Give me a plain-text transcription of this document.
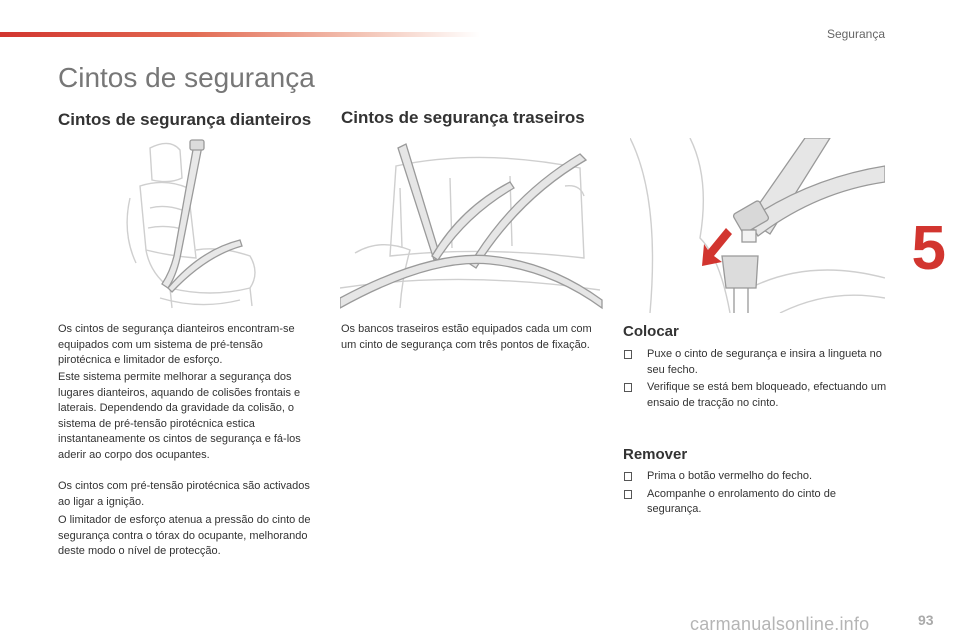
Segurança
5
Cintos de segurança
Cintos de segurança dianteiros

Os cintos de segurança dianteiros encontram-se equipados com um sistema de pré-tensão pirotécnica e limitador de esforço.

Este sistema permite melhorar a segurança dos lugares dianteiros, aquando de colisões frontais e laterais. Dependendo da gravidade da colisão, o sistema de pré-tensão pirotécnica estica instantaneamente os cintos de segurança e fá-los aderir ao corpo dos ocupantes.

Os cintos com pré-tensão pirotécnica são activados ao ligar a ignição.

O limitador de esforço atenua a pressão do cinto de segurança contra o tórax do ocupante, melhorando deste modo o nível de protecção.

Cintos de segurança traseiros

Os bancos traseiros estão equipados cada um com um cinto de segurança com três pontos de fixação.

Colocar
Puxe o cinto de segurança e insira a lingueta no seu fecho.
Verifique se está bem bloqueado, efectuando um ensaio de tracção no cinto.
Remover
Prima o botão vermelho do fecho.
Acompanhe o enrolamento do cinto de segurança.
carmanualsonline.info	93
